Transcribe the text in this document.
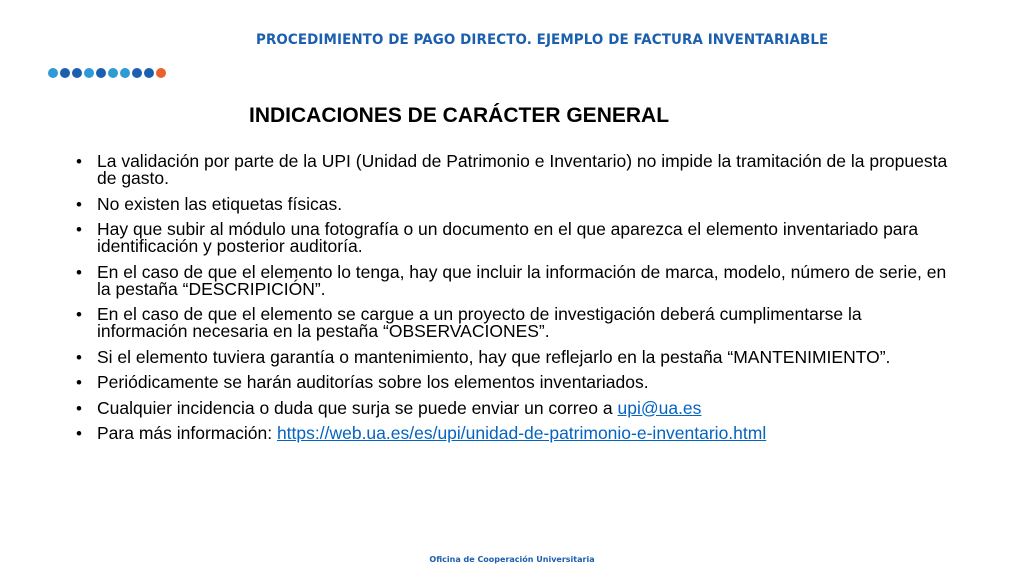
PROCEDIMIENTO DE PAGO DIRECTO. EJEMPLO DE FACTURA INVENTARIABLE
INDICACIONES DE CARÁCTER GENERAL
• La validación por parte de la UPI (Unidad de Patrimonio e Inventario) no impide la tramitación de la propuesta de gasto.
• No existen las etiquetas físicas.
• Hay que subir al módulo una fotografía o un documento en el que aparezca el elemento inventariado para identificación y posterior auditoría.
• En el caso de que el elemento lo tenga, hay que incluir la información de marca, modelo, número de serie, en la pestaña “DESCRIPICIÓN”.
• En el caso de que el elemento se cargue a un proyecto de investigación deberá cumplimentarse la información necesaria en la pestaña “OBSERVACIONES”.
• Si el elemento tuviera garantía o mantenimiento, hay que reflejarlo en la pestaña “MANTENIMIENTO”.
• Periódicamente se harán auditorías sobre los elementos inventariados.
• Cualquier incidencia o duda que surja se puede enviar un correo a upi@ua.es
• Para más información: https://web.ua.es/es/upi/unidad-de-patrimonio-e-inventario.html
Oficina de Cooperación Universitaria
